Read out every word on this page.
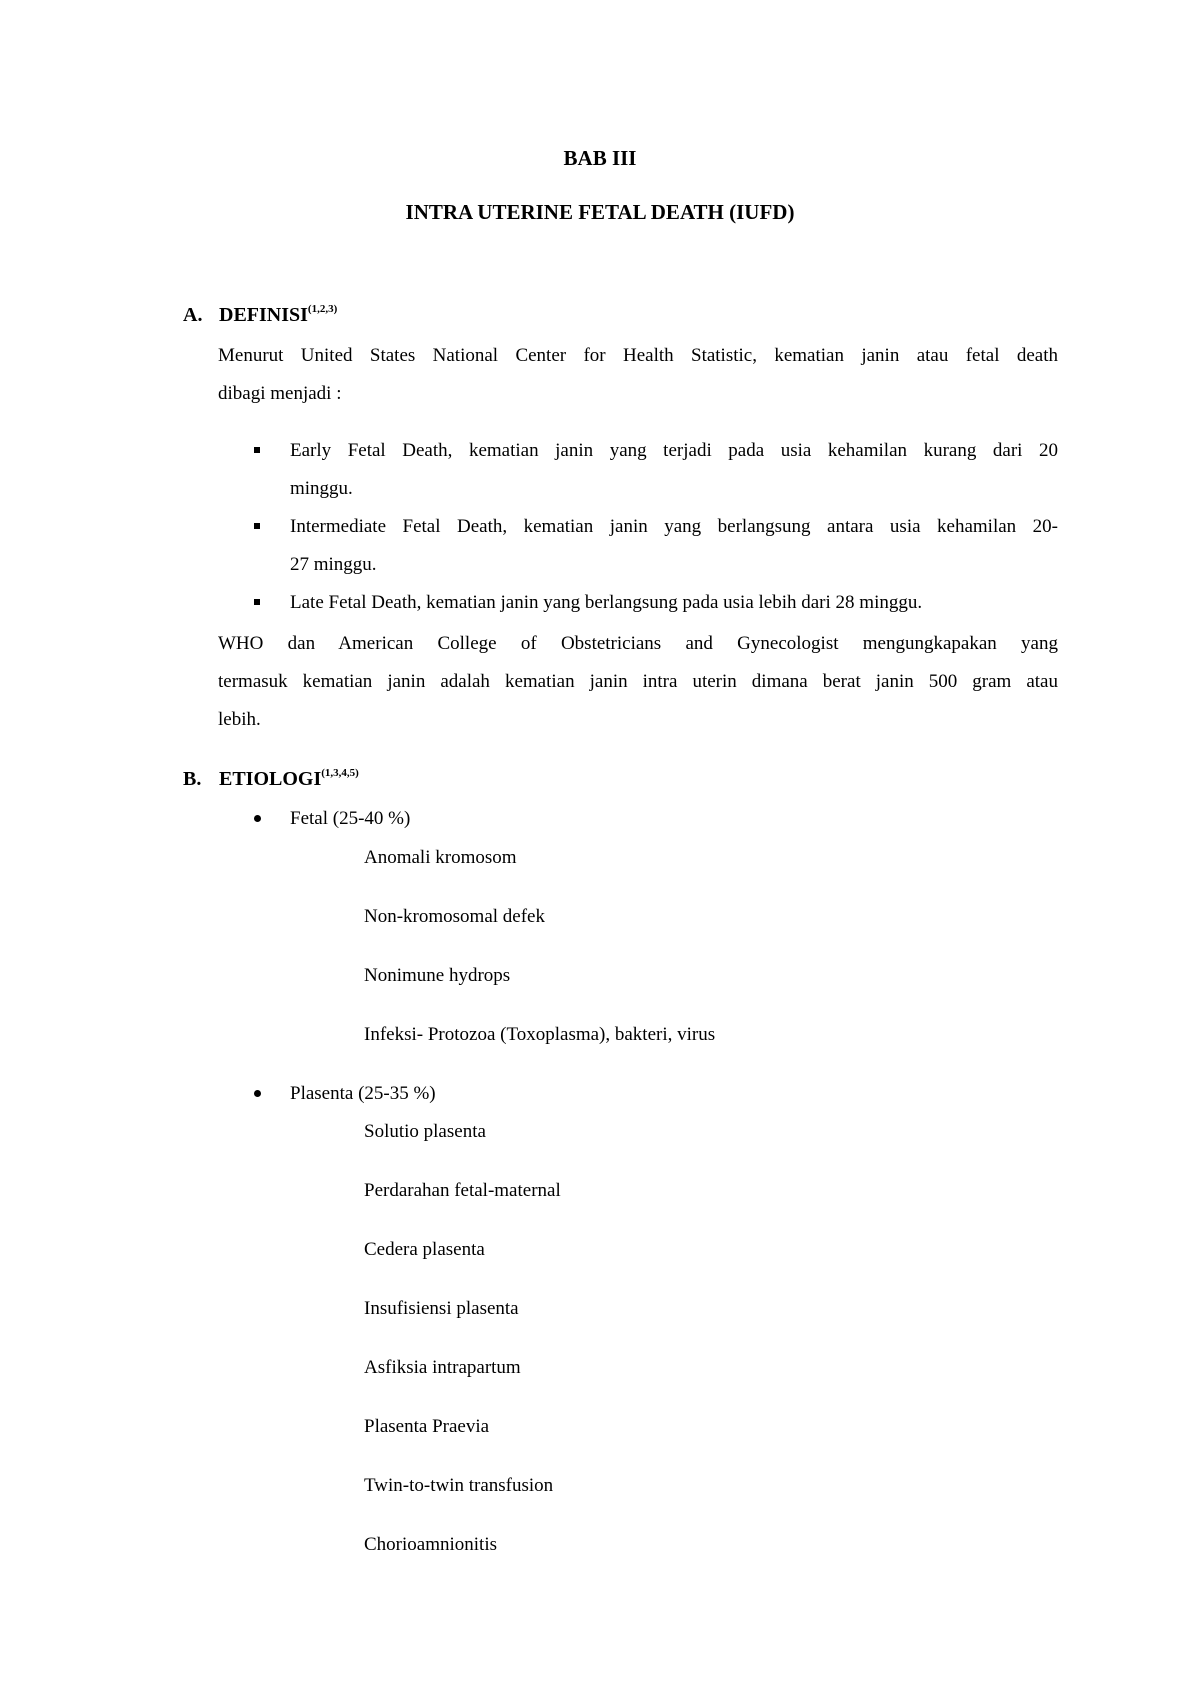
BAB III
INTRA UTERINE FETAL DEATH (IUFD)
A. DEFINISI$^{(1,2,3)}$
Menurut United States National Center for Health Statistic, kematian janin atau fetal death
dibagi menjadi :
Early Fetal Death, kematian janin yang terjadi pada usia kehamilan kurang dari 20
minggu.
Intermediate Fetal Death, kematian janin yang berlangsung antara usia kehamilan 20-
27 minggu.
Late Fetal Death, kematian janin yang berlangsung pada usia lebih dari 28 minggu.
WHO dan American College of Obstetricians and Gynecologist mengungkapakan yang
termasuk kematian janin adalah kematian janin intra uterin dimana berat janin 500 gram atau
lebih.
B. ETIOLOGI$^{(1,3,4,5)}$
Fetal (25-40 %)
Anomali kromosom
Non-kromosomal defek
Nonimune hydrops
Infeksi- Protozoa (Toxoplasma), bakteri, virus
Plasenta (25-35 %)
Solutio plasenta
Perdarahan fetal-maternal
Cedera plasenta
Insufisiensi plasenta
Asfiksia intrapartum
Plasenta Praevia
Twin-to-twin transfusion
Chorioamnionitis
